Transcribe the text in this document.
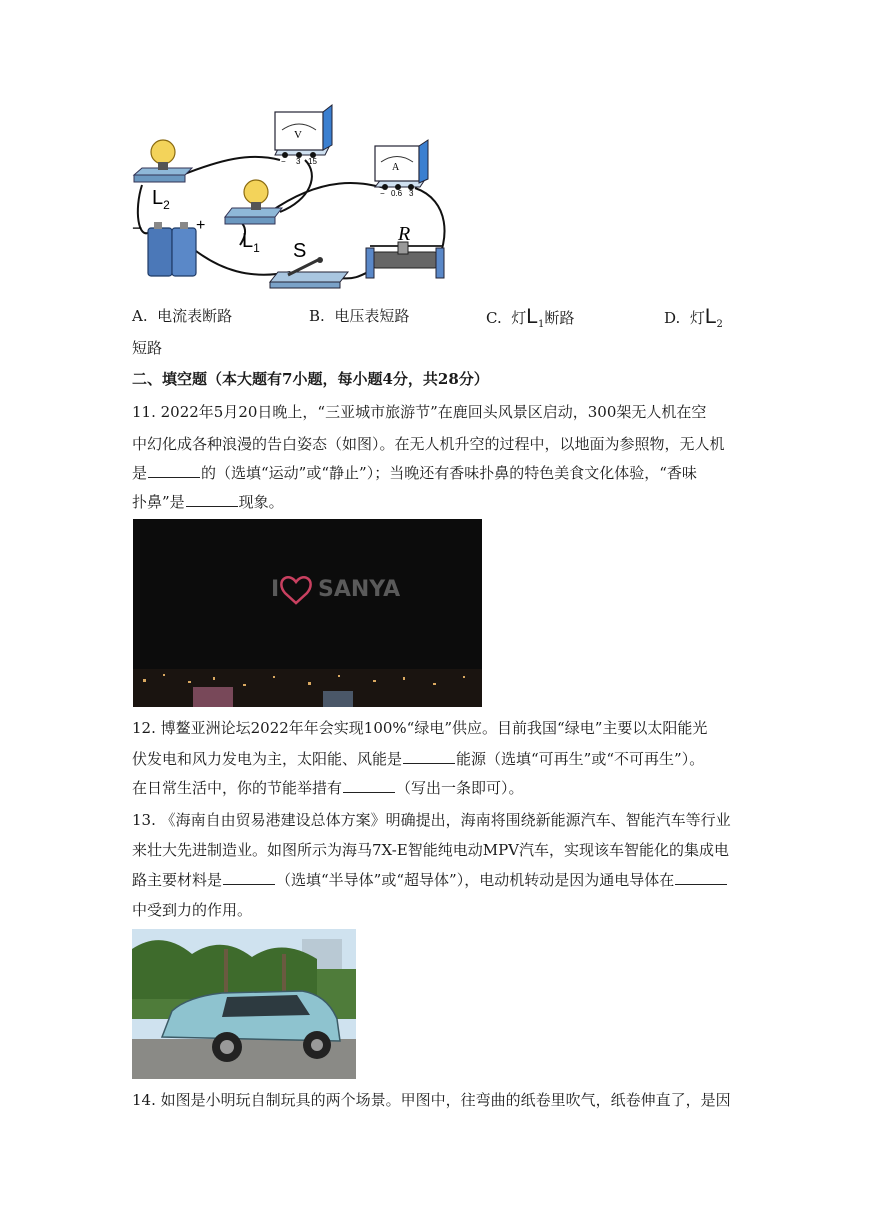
$L_2$
$L_1$ S
R
−	+
V
− 3 15
A
− 0.6 3
A. 电流表断路	B. 电压表短路	C. 灯$L_1$断路	D. 灯$L_2$
短路
二、填空题（本大题有7小题，每小题4分，共28分）
11. 2022年5月20日晚上，“三亚城市旅游节”在鹿回头风景区启动，300架无人机在空
中幻化成各种浪漫的告白姿态（如图）。在无人机升空的过程中，以地面为参照物，无人机
是	的（选填“运动”或“静止”）；当晚还有香味扑鼻的特色美食文化体验，“香味
扑鼻”是	现象。
I SANYA
12. 博鳌亚洲论坛2022年年会实现100%“绿电”供应。目前我国“绿电”主要以太阳能光
伏发电和风力发电为主，太阳能、风能是	能源（选填“可再生”或“不可再生”）。
在日常生活中，你的节能举措有	（写出一条即可）。
13. 《海南自由贸易港建设总体方案》明确提出，海南将围绕新能源汽车、智能汽车等行业
来壮大先进制造业。如图所示为海马7X-E智能纯电动MPV汽车，实现该车智能化的集成电
路主要材料是	（选填“半导体”或“超导体”），电动机转动是因为通电导体在
中受到力的作用。
14. 如图是小明玩自制玩具的两个场景。甲图中，往弯曲的纸卷里吹气，纸卷伸直了，是因
